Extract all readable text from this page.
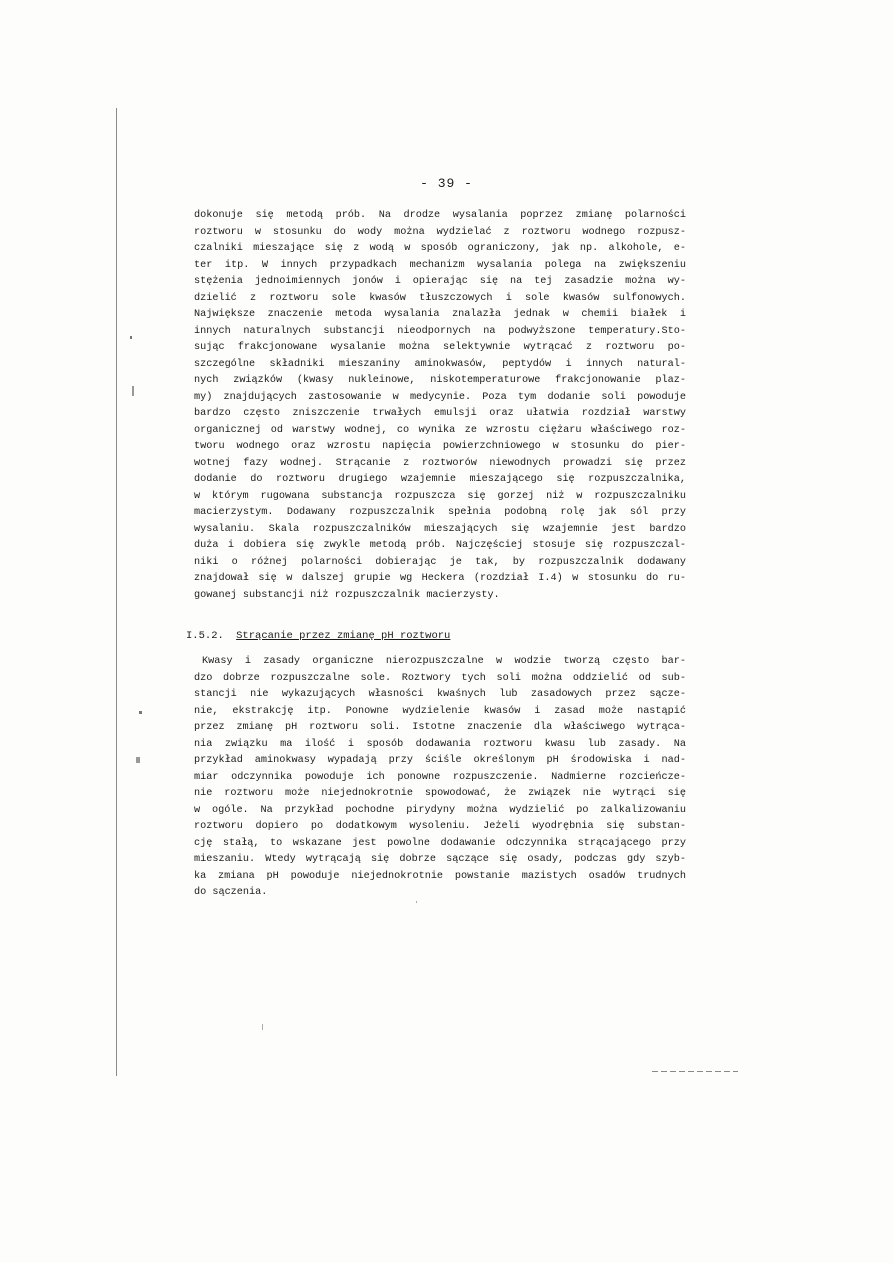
- 39 -
dokonuje się metodą prób. Na drodze wysalania poprzez zmianę polarności
roztworu w stosunku do wody można wydzielać z roztworu wodnego rozpusz-
czalniki mieszające się z wodą w sposób ograniczony, jak np. alkohole, e-
ter itp. W innych przypadkach mechanizm wysalania polega na zwiększeniu
stężenia jednoimiennych jonów i opierając się na tej zasadzie można wy-
dzielić z roztworu sole kwasów tłuszczowych i sole kwasów sulfonowych.
Największe znaczenie metoda wysalania znalazła jednak w chemii białek i
innych naturalnych substancji nieodpornych na podwyższone temperatury.Sto-
sując frakcjonowane wysalanie można selektywnie wytrącać z roztworu po-
szczególne składniki mieszaniny aminokwasów, peptydów i innych natural-
nych związków (kwasy nukleinowe, niskotemperaturowe frakcjonowanie plaz-
my) znajdujących zastosowanie w medycynie. Poza tym dodanie soli powoduje
bardzo często zniszczenie trwałych emulsji oraz ułatwia rozdział warstwy
organicznej od warstwy wodnej, co wynika ze wzrostu ciężaru właściwego roz-
tworu wodnego oraz wzrostu napięcia powierzchniowego w stosunku do pier-
wotnej fazy wodnej. Strącanie z roztworów niewodnych prowadzi się przez
dodanie do roztworu drugiego wzajemnie mieszającego się rozpuszczalnika,
w którym rugowana substancja rozpuszcza się gorzej niż w rozpuszczalniku
macierzystym. Dodawany rozpuszczalnik spełnia podobną rolę jak sól przy
wysalaniu. Skala rozpuszczalników mieszających się wzajemnie jest bardzo
duża i dobiera się zwykle metodą prób. Najczęściej stosuje się rozpuszczal-
niki o różnej polarności dobierając je tak, by rozpuszczalnik dodawany
znajdował się w dalszej grupie wg Heckera (rozdział I.4) w stosunku do ru-
gowanej substancji niż rozpuszczalnik macierzysty.
I.5.2. Strącanie przez zmianę pH roztworu
Kwasy i zasady organiczne nierozpuszczalne w wodzie tworzą często bar-
dzo dobrze rozpuszczalne sole. Roztwory tych soli można oddzielić od sub-
stancji nie wykazujących własności kwaśnych lub zasadowych przez sącze-
nie, ekstrakcję itp. Ponowne wydzielenie kwasów i zasad może nastąpić
przez zmianę pH roztworu soli. Istotne znaczenie dla właściwego wytrąca-
nia związku ma ilość i sposób dodawania roztworu kwasu lub zasady. Na
przykład aminokwasy wypadają przy ściśle określonym pH środowiska i nad-
miar odczynnika powoduje ich ponowne rozpuszczenie. Nadmierne rozcieńcze-
nie roztworu może niejednokrotnie spowodować, że związek nie wytrąci się
w ogóle. Na przykład pochodne pirydyny można wydzielić po zalkalizowaniu
roztworu dopiero po dodatkowym wysoleniu. Jeżeli wyodrębnia się substan-
cję stałą, to wskazane jest powolne dodawanie odczynnika strącającego przy
mieszaniu. Wtedy wytrącają się dobrze sączące się osady, podczas gdy szyb-
ka zmiana pH powoduje niejednokrotnie powstanie mazistych osadów trudnych
do sączenia.
